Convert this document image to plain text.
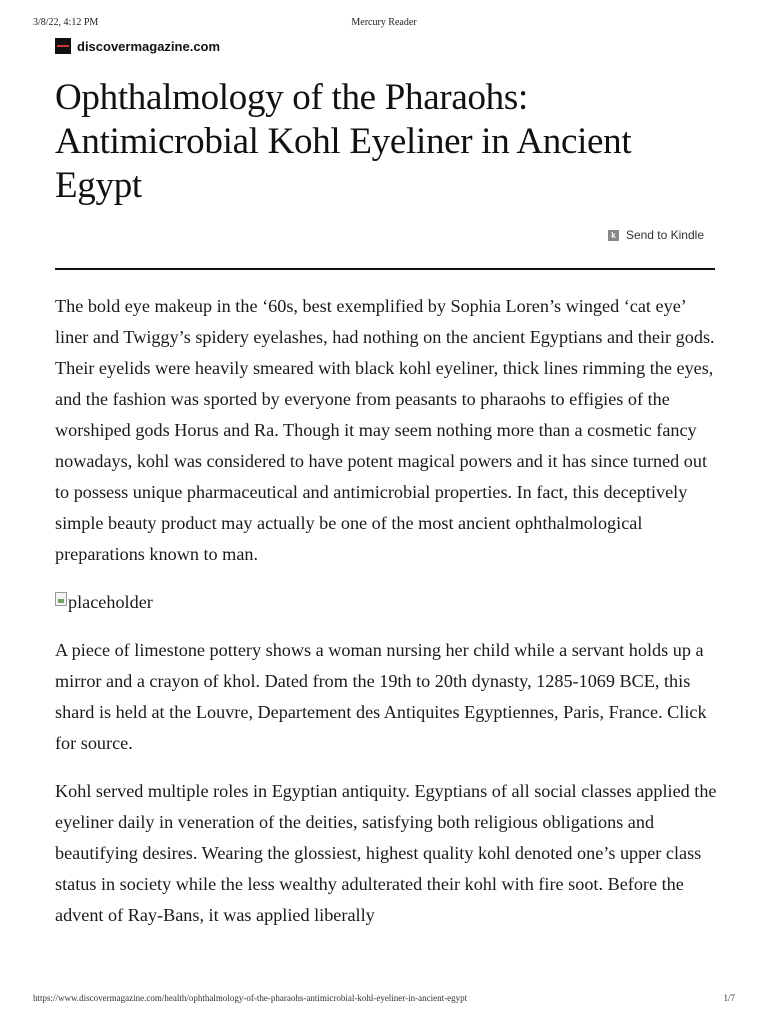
3/8/22, 4:12 PM	Mercury Reader
discovermagazine.com
Ophthalmology of the Pharaohs: Antimicrobial Kohl Eyeliner in Ancient Egypt
k Send to Kindle

The bold eye makeup in the ‘60s, best exemplified by Sophia Loren’s winged ‘cat eye’ liner and Twiggy’s spidery eyelashes, had nothing on the ancient Egyptians and their gods. Their eyelids were heavily smeared with black kohl eyeliner, thick lines rimming the eyes, and the fashion was sported by everyone from peasants to pharaohs to effigies of the worshiped gods Horus and Ra. Though it may seem nothing more than a cosmetic fancy nowadays, kohl was considered to have potent magical powers and it has since turned out to possess unique pharmaceutical and antimicrobial properties. In fact, this deceptively simple beauty product may actually be one of the most ancient ophthalmological preparations known to man.

placeholder

A piece of limestone pottery shows a woman nursing her child while a servant holds up a mirror and a crayon of khol. Dated from the 19th to 20th dynasty, 1285-1069 BCE, this shard is held at the Louvre, Departement des Antiquites Egyptiennes, Paris, France. Click for source.

Kohl served multiple roles in Egyptian antiquity. Egyptians of all social classes applied the eyeliner daily in veneration of the deities, satisfying both religious obligations and beautifying desires. Wearing the glossiest, highest quality kohl denoted one’s upper class status in society while the less wealthy adulterated their kohl with fire soot. Before the advent of Ray-Bans, it was applied liberally

https://www.discovermagazine.com/health/ophthalmology-of-the-pharaohs-antimicrobial-kohl-eyeliner-in-ancient-egypt	1/7
